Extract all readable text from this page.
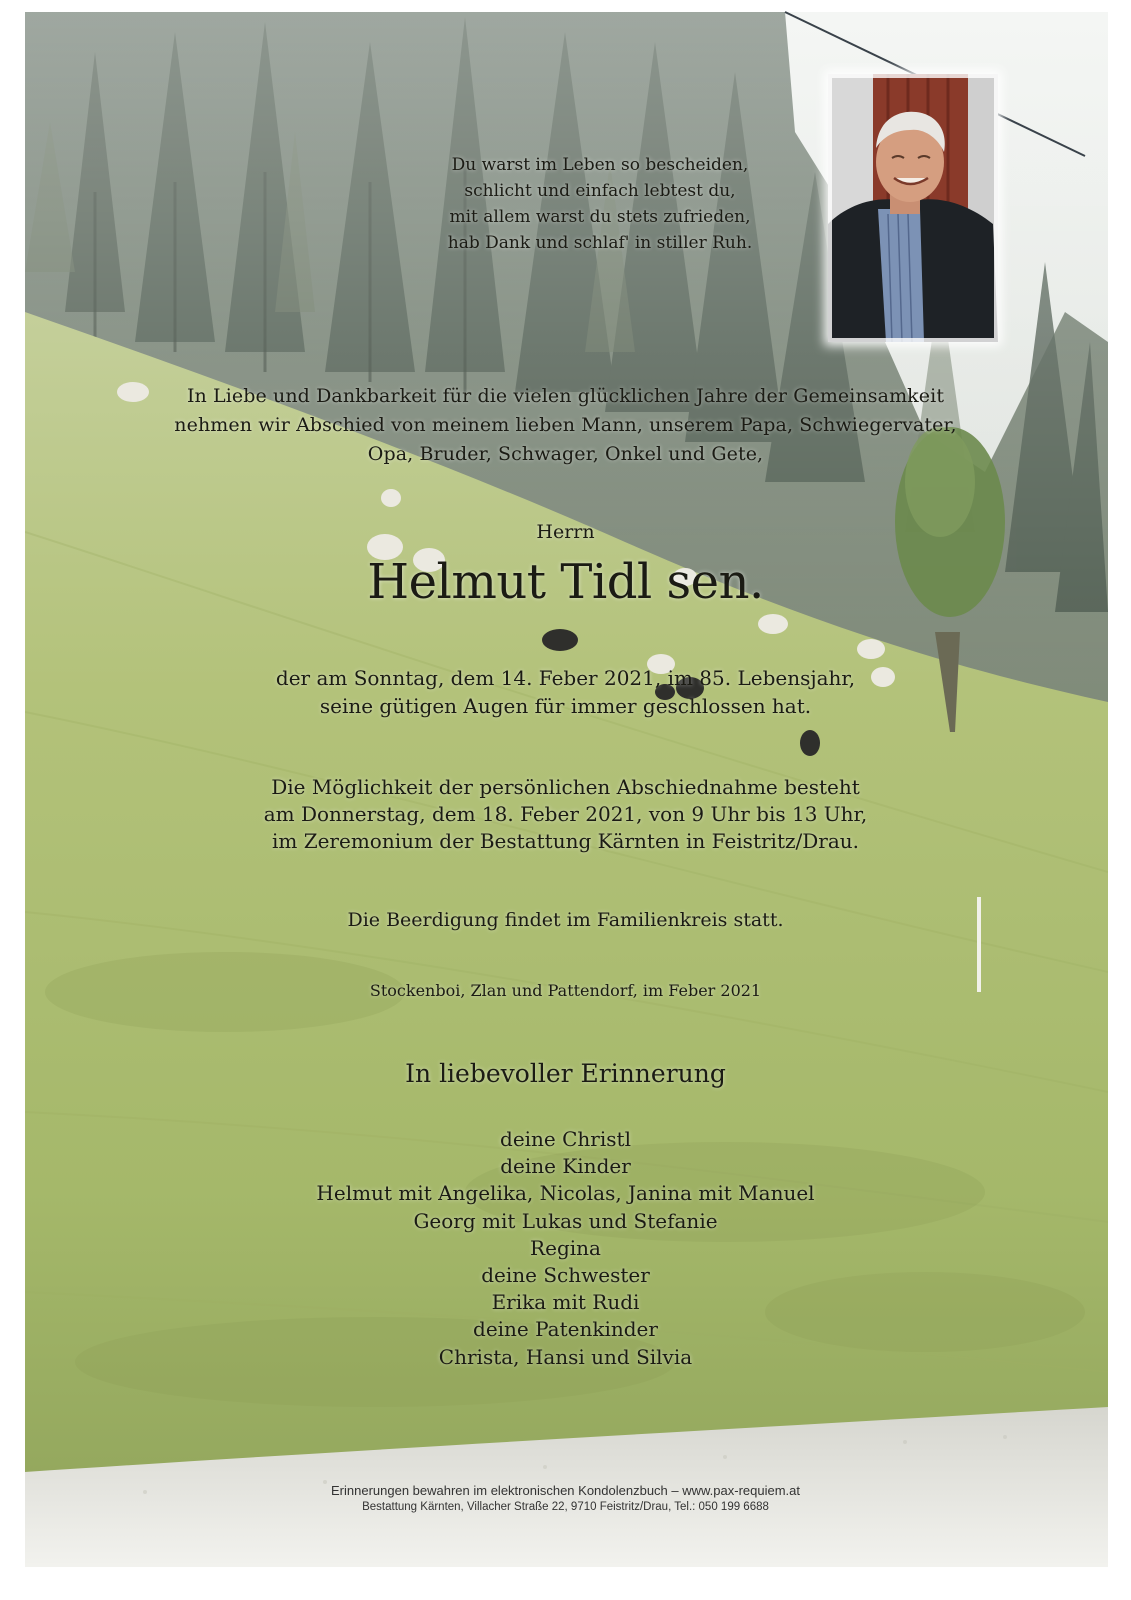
Du warst im Leben so bescheiden,
schlicht und einfach lebtest du,
mit allem warst du stets zufrieden,
hab Dank und schlaf' in stiller Ruh.
In Liebe und Dankbarkeit für die vielen glücklichen Jahre der Gemeinsamkeit
nehmen wir Abschied von meinem lieben Mann, unserem Papa, Schwiegervater,
Opa, Bruder, Schwager, Onkel und Gete,
Herrn
Helmut Tidl sen.
der am Sonntag, dem 14. Feber 2021, im 85. Lebensjahr,
seine gütigen Augen für immer geschlossen hat.
Die Möglichkeit der persönlichen Abschiednahme besteht
am Donnerstag, dem 18. Feber 2021, von 9 Uhr bis 13 Uhr,
im Zeremonium der Bestattung Kärnten in Feistritz/Drau.
Die Beerdigung findet im Familienkreis statt.
Stockenboi, Zlan und Pattendorf, im Feber 2021
In liebevoller Erinnerung
deine Christl
deine Kinder
Helmut mit Angelika, Nicolas, Janina mit Manuel
Georg mit Lukas und Stefanie
Regina
deine Schwester
Erika mit Rudi
deine Patenkinder
Christa, Hansi und Silvia
Erinnerungen bewahren im elektronischen Kondolenzbuch – www.pax-requiem.at
Bestattung Kärnten, Villacher Straße 22, 9710 Feistritz/Drau, Tel.: 050 199 6688
